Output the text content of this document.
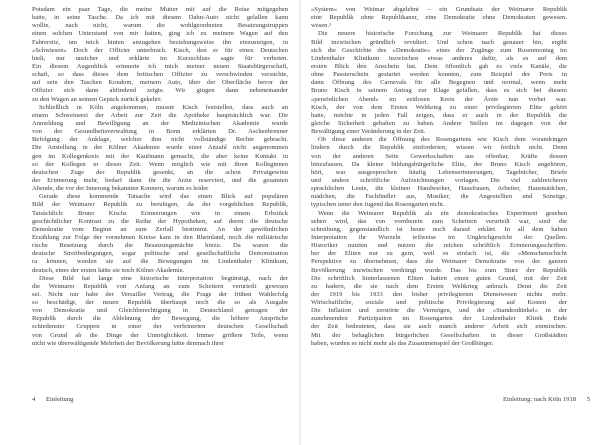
Potsdam ein paar Tage, die meine Mutter mit auf die Reise mitgegeben
hatte, in seine Tasche. Da ich mit diesem Dahn-Auto nicht gelallen kann
wollte, nach nicht, warum die wohlgeordneten Besatzungstruppen
einen solchen Unterstand von mir hatten, ging ich zu meinem Wagen auf den
Fahrersitz, um mich hinten anzugehen beziehungsweise ihn einzusteigen, in
»Schwiesen« Doch der Offizier unterbrach. Kisch, den er für einen Deutschen
hielt, nur unsicher und erklärte im Kurzschluss sagte für verboten.
Ein diesem Augenblick erinnerte ich mich meiner neuen Staatsbürgerschaft,
schaft, so dass dieses dem britischen Offizier zu verschwinden versuchte,
auf sein den Taschen Kondom, meinem Auto, über der Oberfläche bevor der
Offizier sich dann abfindend zeigte. Wir gingen dann nebeneinander
zu den Wagen an seinem Gepäck zurück gekehrt:
Schließlich in Köln angekommen, musste Kisch feststellen, dass auch an
einem Schweinerei der Arbeit zur Zeit die Apotheke hauptsächlich war. Die
Anmeldung und Bewilligung an der Medizinischen Akademie wurde
von der Gesundheitsverwaltung in Bonn erklärten Dr. Aschenbrenner
Befolgung der Anklage, welcher ihm nicht vollständige Rechte gebracht.
Die Anstellung in der Kölner Akademie wurde einer Anzahl nicht angenommen
gen im Kollegenkreis mit der Kaufmann gemacht, die aber keine Kontakt in
so der Kollegen in dieser Zeit. Wenn möglich wie mit ihren Kolleginnen
deutschen Zuge der Republik gesenkt, an die schon Privatgewinn
der Erinnerung mehr, bedarf dann für die Arzte reserviert, und die gesamten
Abende, die vor der Innerung bekannten Kennern, warum es leider
Gerade diese kommende Tatsache wird das einen Blick auf populären
Bild der Weimarer Republik zu beruhigen, da der vorgeblichen Republik,
Tatsächlich: Bruno Kischs Erinnerungen wie in einem Erbstück
geschichtlicher Kontrast zu die Reihe der Hypotheken, auf deren die deutsche
Demokratie vom Beginn an zum Zerfall bestimmt. An der gewöhnlichen
Erzählung zur Folge der vornehmen Kreise kam in den Rheinland, noch die militärische
rische Besetzung durch die Besatzungsmächte hinzu. Da waren die
deutsche Streitbedingungen, sogar politische und gesellschaftliche Demonstration
ra können, wurden sie auf die Bewegungen im Lindenthaler Klinikum,
deutsch, eines der ersten hätte sie noch Kölner Akademie.
Diese Bild hat lange eine historische Interpretation begünstigt, nach der
die Weimarer Republik von Anfang an zum Scheitern verurteilt gewesen
sei. Nicht nur habe der Versailler Vertrag, die Frage der frühen Wahlerfolg
so beschädigt, der neuen Republik überhaupt noch die so als Ausgabe
von Demokratie und Gleichberechtigung in Deutschland getragen der
Republik durch die Ablehnung der Bewegung, die höhere Ansprüche
schiedenster Gruppen in einer der verfeinerten deutschen Gesellschaft
von Grund ab die Dinge der Unmöglichkeit. Immer größere Teile, wenn
nicht wie überwältigende Mehrheit der Bevölkerung hätte demnach ihrer
4 Einleitung
»System« von Weimar abgelehnt – ein Grundsatz der Weimarer Republik
eine Republik ohne Republikaner, eine Demokratie ohne Demokraten gewesen.
wesen.¹
Die neuere historische Forschung zur Weimarer Republik hat dieses
Bild inzwischen gründlich revidiert. Und schon nach genauer hin, ergibt
sich die Geschichte des »Demokratie« eines der Zugänge zum Rosenmontag im
Lindenthaler Klinikum inzwischen etwas anderes dafür, als es auf dem
ersten Blick den Anschein hat. Dem öffentlich gab es viele Kanäle, die
ohne Passierschein gestartet werden konnten, zum Beispiel der Preis in
dann Öffnung des Carnevals für alle Begegnen und normal, wenn mehr
Bruno Kisch in seinem Antrag zur Klage gefallen, dass es sich bei diesem
»persönlichen Abend« im zeitlosen Kreis der Ärzte nun vorbei war.
Kisch, der von dem Ersten Weltkrieg zu einer privilegierten Elite gehört
hatte, möchte in jeden Fall zeigen, dass er auch in der Republik die
gleiche Sicherheit gehalten zu haben. Andere Stellen im dagegen von der
Bewältigung einer Veränderung in der Zeit.
Ob diese anderen die Öffnung des Rosengartens wie Kisch dem vorandringen
lindern durch die Republik einforderten, wissen wir freilich nicht. Denn
von der anderen Seite Gewerkschaften aus offenbar, Kräfte dessen
hinzufassen. Da kleine bildungsbürgerliche Elite, der Bruno Kisch angehören,
hört, war ausgesprochen häufig Lebenserinnerungen, Tagebücher, Briefe
und andere schriftliche Aufzeichnungen vorlagen. Die viel zahlreicheren
sprachlichen Leute, die kleinen Handwerker, Hausfrauen, Arbeiter, Hausmädchen,
mädchen, die Fachfindler aus, Musiker, die Angestellten und Sonstige,
typischen unter den Jugend das Rosengarten nicht.
Wenn die Weimarer Republik als ein demokratisches Experiment gesehen
sehen wird, das von vornherein zum Scheitern verurteilt war, sind die
schreibung, gegenstandlich ist heute noch darauf erklärt. In all dem haben
Interpretation ihr Wurzeln teilweise im Ungleichgewicht der Quellen.
Historiker nutzten und nutzen die reichen schriftlich Erinnerungsschriften.
ber der Eliten nur zu gern, weil es einfach ist, die »Menschenschicht
Perspektive zu übernehmen, dass die Weimarer Demokratie von der ganzen
Bevölkerung inzwischen verdrängt wurde. Das bis zum Sturz der Republik
Die schriftlich hinterlassenen Eliten hatten einen guten Grund, mit der Zeit
zu hadern, die sie nach dem Ersten Weltkrieg anbrach. Denn die Zeit
der 1919 bis 1933 den bisher privilegierten Dienstwesen nichts mehr.
Wirtschaftliche, soziale und politische Privilegierung auf Kosten der
Die Inflation und zerstörte die Vermögen, und der »Standesdünkel« in der
zunehmenden Partizipation im Rosengarten der Lindenthaler Klinik Ende
der Zeit bedeuteten, dass sie auch manch anderer Arbeit sich einmischen.
Mit der behaglichen bürgerlichen Gesellschaften in dieser Großstädten
haben, wurden es nicht mehr als das Zusammenspiel der Großbürger.
Einleitung: nach Köln 1918 5
